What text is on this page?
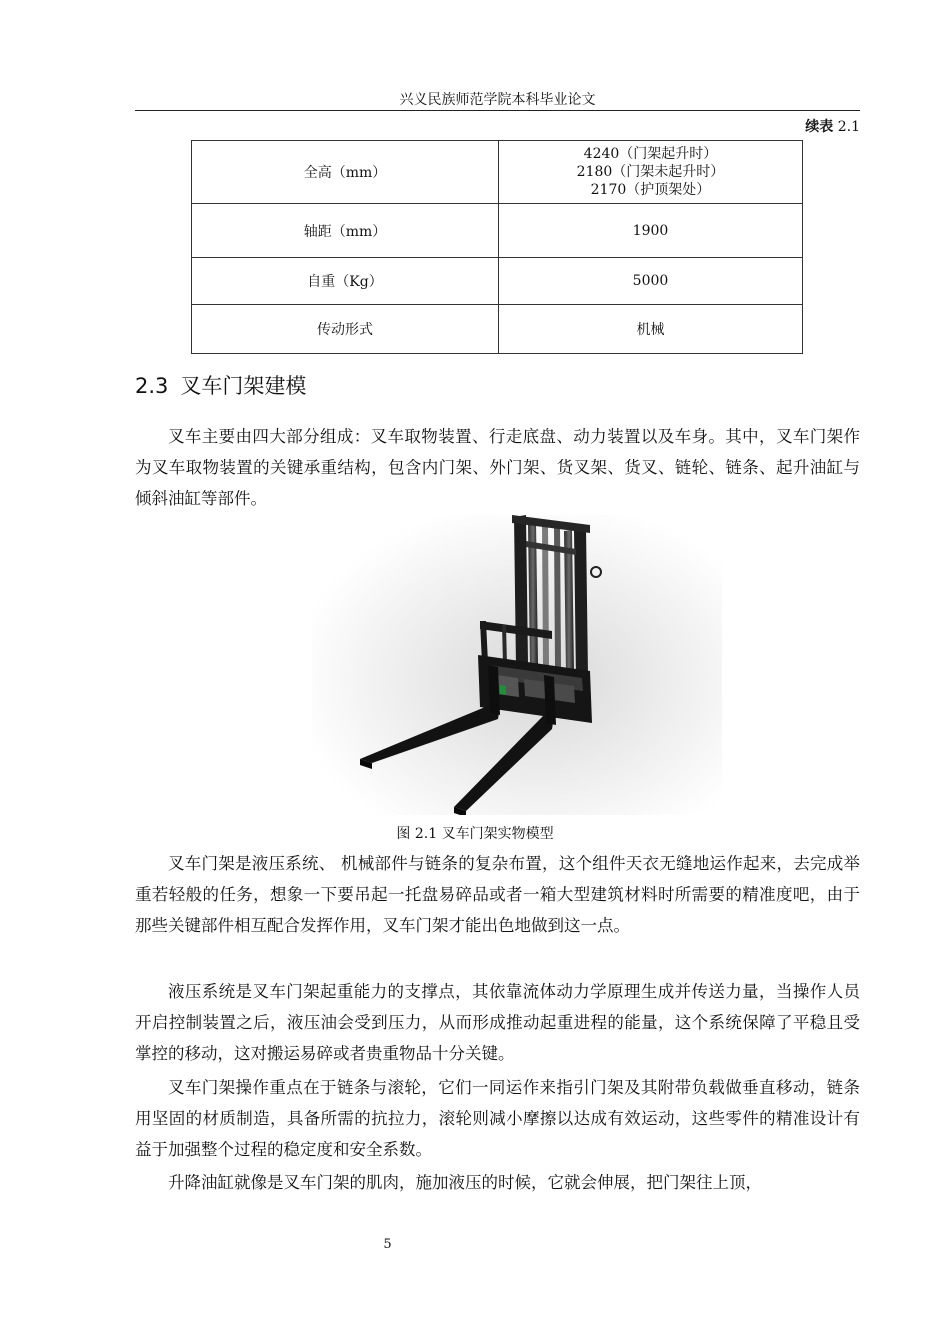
兴义民族师范学院本科毕业论文
续表 2.1
全高（mm）	4240（门架起升时）
2180（门架未起升时）
2170（护顶架处）

轴距（mm）	1900
自重（Kg）	5000
传动形式	机械
2.3 叉车门架建模

叉车主要由四大部分组成：叉车取物装置、行走底盘、动力装置以及车身。其中，叉车门架作为叉车取物装置的关键承重结构，包含内门架、外门架、货叉架、货叉、链轮、链条、起升油缸与倾斜油缸等部件。

图 2.1 叉车门架实物模型

叉车门架是液压系统、 机械部件与链条的复杂布置，这个组件天衣无缝地运作起来，去完成举重若轻般的任务，想象一下要吊起一托盘易碎品或者一箱大型建筑材料时所需要的精准度吧，由于那些关键部件相互配合发挥作用，叉车门架才能出色地做到这一点。

液压系统是叉车门架起重能力的支撑点，其依靠流体动力学原理生成并传送力量，当操作人员开启控制装置之后，液压油会受到压力，从而形成推动起重进程的能量，这个系统保障了平稳且受掌控的移动，这对搬运易碎或者贵重物品十分关键。

叉车门架操作重点在于链条与滚轮，它们一同运作来指引门架及其附带负载做垂直移动，链条用坚固的材质制造，具备所需的抗拉力，滚轮则减小摩擦以达成有效运动，这些零件的精准设计有益于加强整个过程的稳定度和安全系数。

升降油缸就像是叉车门架的肌肉，施加液压的时候，它就会伸展，把门架往上顶，

5
